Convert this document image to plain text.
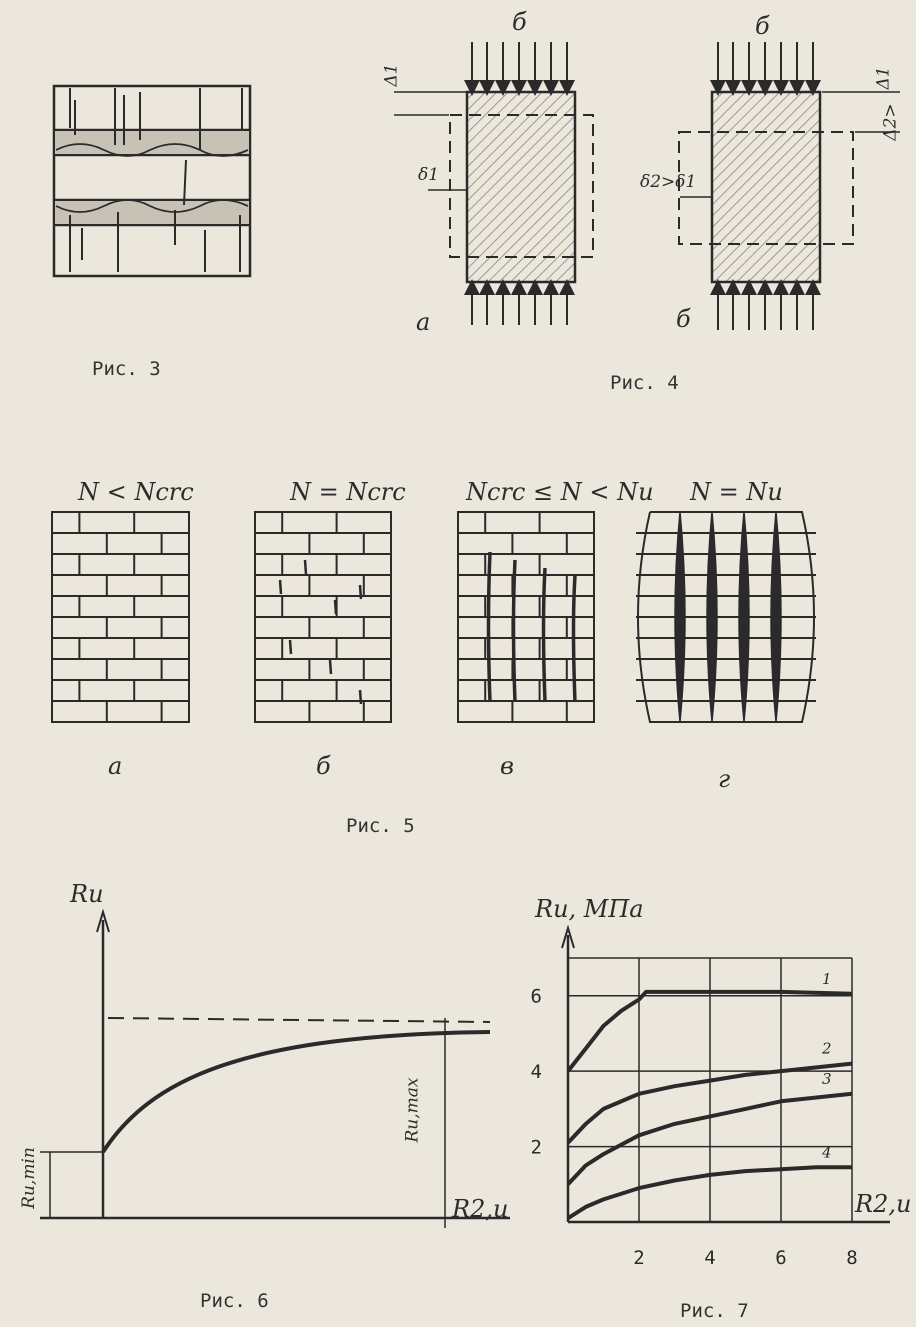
Рис. 3
б	б
Δ1
δ1
Δ1
Δ2>
δ2>δ1
а	б
Рис. 4
N < Ncrc	N = Ncrc	Ncrc ≤ N < Nu N = Nu
а	б	в	г
Рис. 5
Rи
Rи,min
Rи,max
R2,u
Рис. 6
2	4	6	8
2
4
6
1
2
3
4
Rи, МПа
R2,u
Рис. 7
